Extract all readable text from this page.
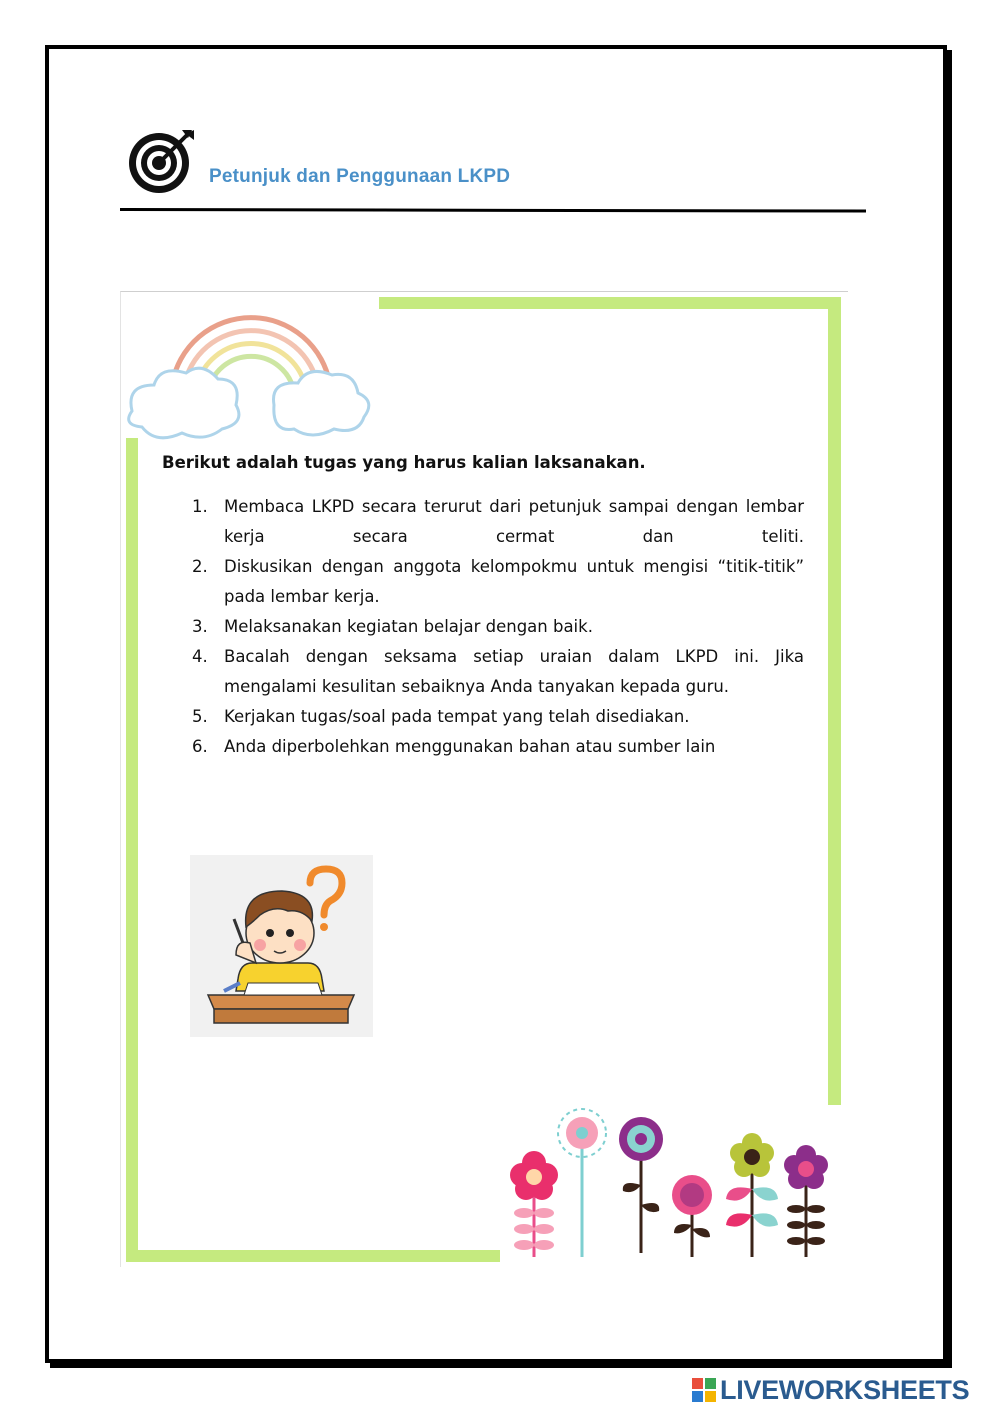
Petunjuk dan Penggunaan LKPD
Berikut adalah tugas yang harus kalian laksanakan.
1. Membaca LKPD secara terurut dari petunjuk sampai dengan lembar kerja secara cermat dan teliti.
2. Diskusikan dengan anggota kelompokmu untuk mengisi “titik-titik” pada lembar kerja.
3. Melaksanakan kegiatan belajar dengan baik.
4. Bacalah dengan seksama setiap uraian dalam LKPD ini. Jika mengalami kesulitan sebaiknya Anda tanyakan kepada guru.
5. Kerjakan tugas/soal pada tempat yang telah disediakan.
6. Anda diperbolehkan menggunakan bahan atau sumber lain
LIVEWORKSHEETS
